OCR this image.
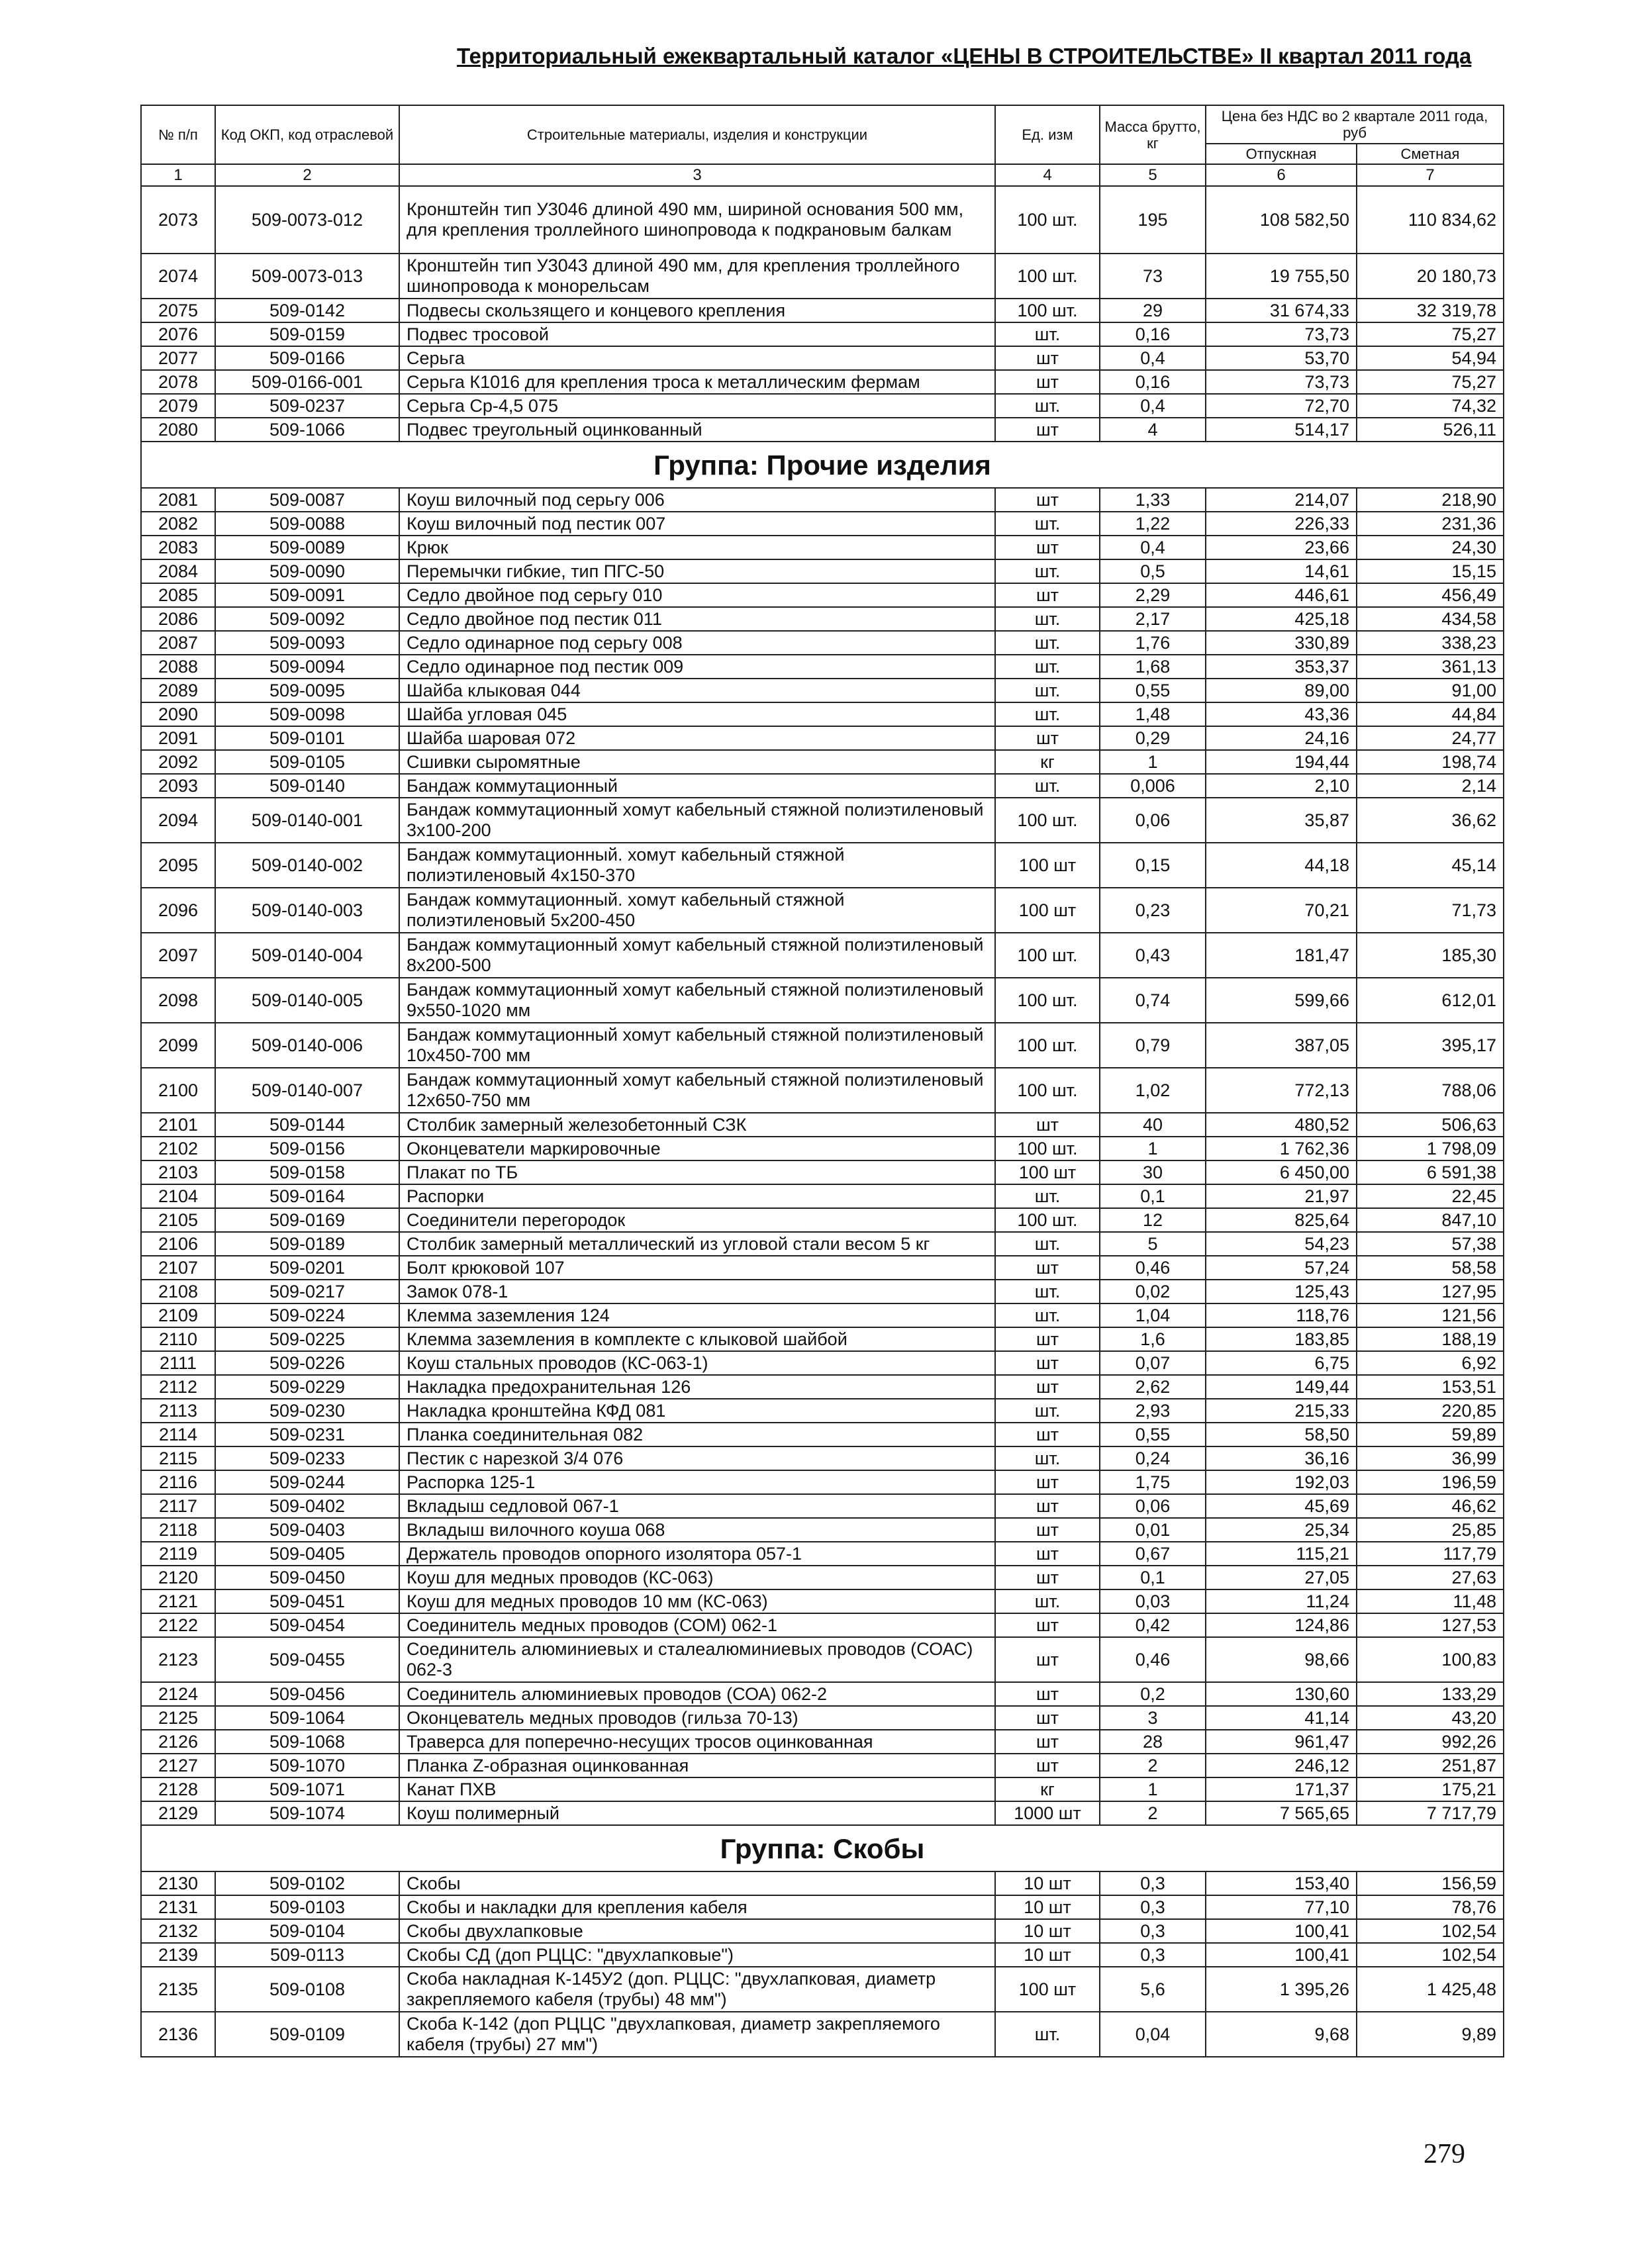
Территориальный ежеквартальный каталог «ЦЕНЫ В СТРОИТЕЛЬСТВЕ» II квартал 2011 года
№ п/п	Код ОКП, код отраслевой	Строительные материалы, изделия и конструкции	Ед. изм	Масса брутто, кг	Цена без НДС во 2 квартале 2011 года, руб	
					Отпускная	Сметная
1	2	3	4	5	6	7
2073	509-0073-012	Кронштейн тип У3046 длиной 490 мм, шириной основания 500 мм, для крепления троллейного шинопровода к подкрановым балкам	100 шт.	195	108 582,50	110 834,62
2074	509-0073-013	Кронштейн тип У3043 длиной 490 мм, для крепления троллейного шинопровода к монорельсам	100 шт.	73	19 755,50	20 180,73
2075	509-0142	Подвесы скользящего и концевого крепления	100 шт.	29	31 674,33	32 319,78
2076	509-0159	Подвес тросовой	шт.	0,16	73,73	75,27
2077	509-0166	Серьга	шт	0,4	53,70	54,94
2078	509-0166-001	Серьга К1016 для крепления троса к металлическим фермам	шт	0,16	73,73	75,27
2079	509-0237	Серьга Ср-4,5 075	шт.	0,4	72,70	74,32
2080	509-1066	Подвес треугольный оцинкованный	шт	4	514,17	526,11
Группа: Прочие изделия						
2081	509-0087	Коуш вилочный под серьгу 006	шт	1,33	214,07	218,90
2082	509-0088	Коуш вилочный под пестик 007	шт.	1,22	226,33	231,36
2083	509-0089	Крюк	шт	0,4	23,66	24,30
2084	509-0090	Перемычки гибкие, тип ПГС-50	шт.	0,5	14,61	15,15
2085	509-0091	Седло двойное под серьгу 010	шт	2,29	446,61	456,49
2086	509-0092	Седло двойное под пестик 011	шт.	2,17	425,18	434,58
2087	509-0093	Седло одинарное под серьгу 008	шт.	1,76	330,89	338,23
2088	509-0094	Седло одинарное под пестик 009	шт.	1,68	353,37	361,13
2089	509-0095	Шайба клыковая 044	шт.	0,55	89,00	91,00
2090	509-0098	Шайба угловая 045	шт.	1,48	43,36	44,84
2091	509-0101	Шайба шаровая 072	шт	0,29	24,16	24,77
2092	509-0105	Сшивки сыромятные	кг	1	194,44	198,74
2093	509-0140	Бандаж коммутационный	шт.	0,006	2,10	2,14
2094	509-0140-001	Бандаж коммутационный хомут кабельный стяжной полиэтиленовый 3х100-200	100 шт.	0,06	35,87	36,62
2095	509-0140-002	Бандаж коммутационный. хомут кабельный стяжной полиэтиленовый 4х150-370	100 шт	0,15	44,18	45,14
2096	509-0140-003	Бандаж коммутационный. хомут кабельный стяжной полиэтиленовый 5х200-450	100 шт	0,23	70,21	71,73
2097	509-0140-004	Бандаж коммутационный хомут кабельный стяжной полиэтиленовый 8х200-500	100 шт.	0,43	181,47	185,30
2098	509-0140-005	Бандаж коммутационный хомут кабельный стяжной полиэтиленовый 9х550-1020 мм	100 шт.	0,74	599,66	612,01
2099	509-0140-006	Бандаж коммутационный хомут кабельный стяжной полиэтиленовый 10х450-700 мм	100 шт.	0,79	387,05	395,17
2100	509-0140-007	Бандаж коммутационный хомут кабельный стяжной полиэтиленовый 12х650-750 мм	100 шт.	1,02	772,13	788,06
2101	509-0144	Столбик замерный железобетонный СЗК	шт	40	480,52	506,63
2102	509-0156	Оконцеватели маркировочные	100 шт.	1	1 762,36	1 798,09
2103	509-0158	Плакат по ТБ	100 шт	30	6 450,00	6 591,38
2104	509-0164	Распорки	шт.	0,1	21,97	22,45
2105	509-0169	Соединители перегородок	100 шт.	12	825,64	847,10
2106	509-0189	Столбик замерный металлический из угловой стали весом 5 кг	шт.	5	54,23	57,38
2107	509-0201	Болт крюковой 107	шт	0,46	57,24	58,58
2108	509-0217	Замок 078-1	шт.	0,02	125,43	127,95
2109	509-0224	Клемма заземления 124	шт.	1,04	118,76	121,56
2110	509-0225	Клемма заземления в комплекте с клыковой шайбой	шт	1,6	183,85	188,19
2111	509-0226	Коуш стальных проводов (КС-063-1)	шт	0,07	6,75	6,92
2112	509-0229	Накладка предохранительная 126	шт	2,62	149,44	153,51
2113	509-0230	Накладка кронштейна КФД 081	шт.	2,93	215,33	220,85
2114	509-0231	Планка соединительная 082	шт	0,55	58,50	59,89
2115	509-0233	Пестик с нарезкой 3/4 076	шт.	0,24	36,16	36,99
2116	509-0244	Распорка 125-1	шт	1,75	192,03	196,59
2117	509-0402	Вкладыш седловой 067-1	шт	0,06	45,69	46,62
2118	509-0403	Вкладыш вилочного коуша 068	шт	0,01	25,34	25,85
2119	509-0405	Держатель проводов опорного изолятора 057-1	шт	0,67	115,21	117,79
2120	509-0450	Коуш для медных проводов (КС-063)	шт	0,1	27,05	27,63
2121	509-0451	Коуш для медных проводов 10 мм (КС-063)	шт.	0,03	11,24	11,48
2122	509-0454	Соединитель медных проводов (СОМ) 062-1	шт	0,42	124,86	127,53
2123	509-0455	Соединитель алюминиевых и сталеалюминиевых проводов (СОАС) 062-3	шт	0,46	98,66	100,83
2124	509-0456	Соединитель алюминиевых проводов (СОА) 062-2	шт	0,2	130,60	133,29
2125	509-1064	Оконцеватель медных проводов (гильза 70-13)	шт	3	41,14	43,20
2126	509-1068	Траверса для поперечно-несущих тросов оцинкованная	шт	28	961,47	992,26
2127	509-1070	Планка Z-образная оцинкованная	шт	2	246,12	251,87
2128	509-1071	Канат ПХВ	кг	1	171,37	175,21
2129	509-1074	Коуш полимерный	1000 шт	2	7 565,65	7 717,79
Группа: Скобы						
2130	509-0102	Скобы	10 шт	0,3	153,40	156,59
2131	509-0103	Скобы и накладки для крепления кабеля	10 шт	0,3	77,10	78,76
2132	509-0104	Скобы двухлапковые	10 шт	0,3	100,41	102,54
2139	509-0113	Скобы СД (доп РЦЦС: "двухлапковые")	10 шт	0,3	100,41	102,54
2135	509-0108	Скоба накладная К-145У2 (доп. РЦЦС: "двухлапковая, диаметр закрепляемого кабеля (трубы) 48 мм")	100 шт	5,6	1 395,26	1 425,48
2136	509-0109	Скоба К-142 (доп РЦЦС "двухлапковая, диаметр закрепляемого кабеля (трубы) 27 мм")	шт.	0,04	9,68	9,89
279
